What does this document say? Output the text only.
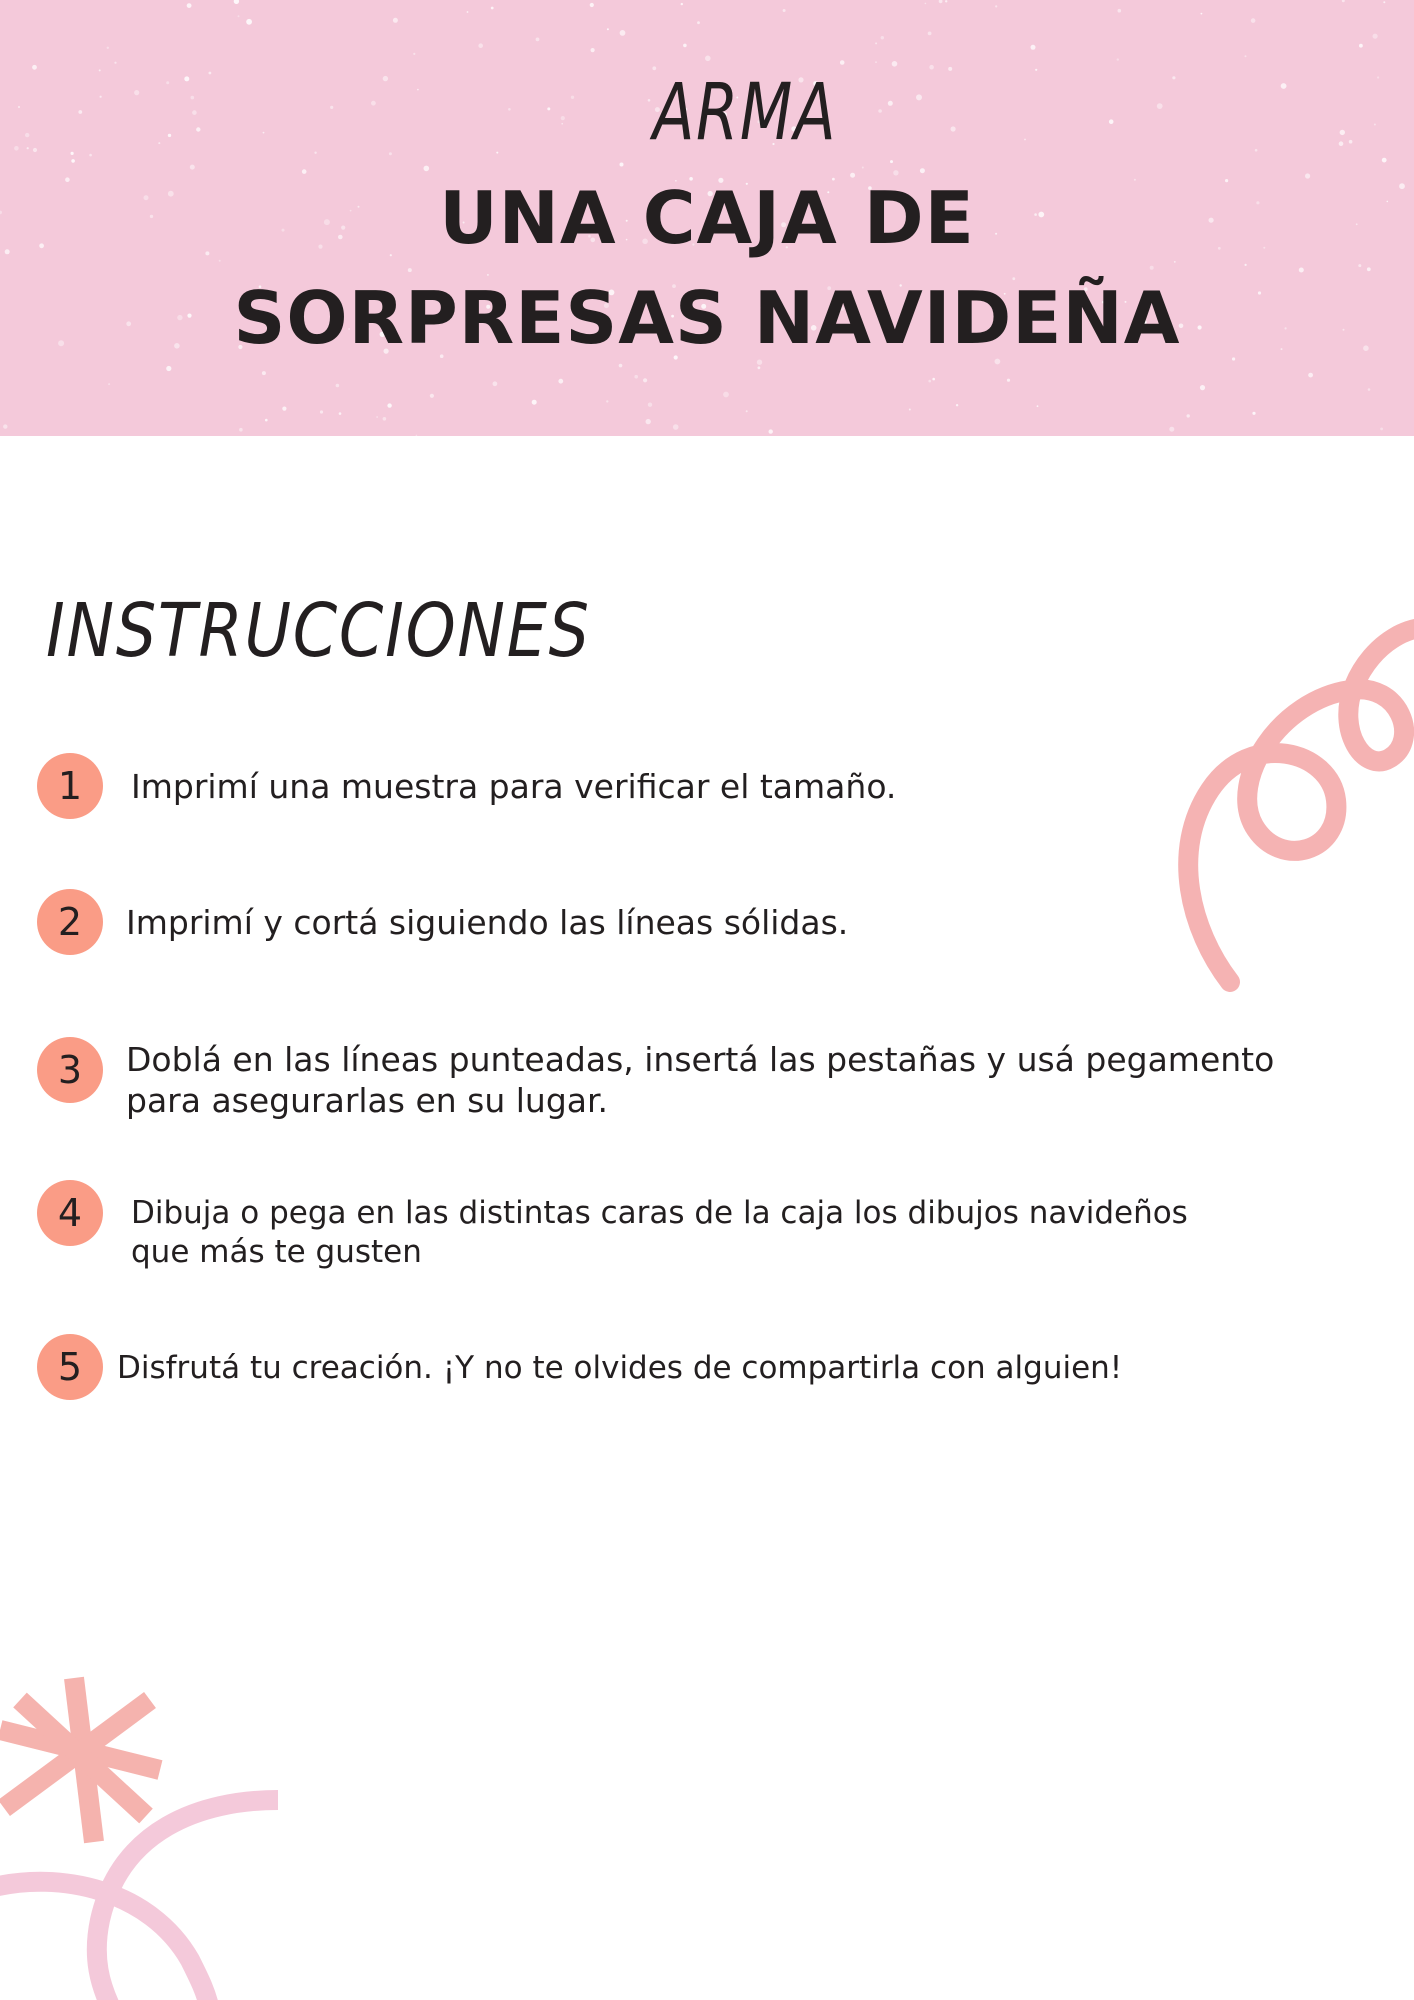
ARMA
UNA CAJA DE
SORPRESAS NAVIDEÑA
INSTRUCCIONES
1	Imprimí una muestra para verificar el tamaño.
2	Imprimí y cortá siguiendo las líneas sólidas.
3	Doblá en las líneas punteadas, insertá las pestañas y usá pegamento
para asegurarlas en su lugar.
4	Dibuja o pega en las distintas caras de la caja los dibujos navideños
que más te gusten
5	Disfrutá tu creación. ¡Y no te olvides de compartirla con alguien!
